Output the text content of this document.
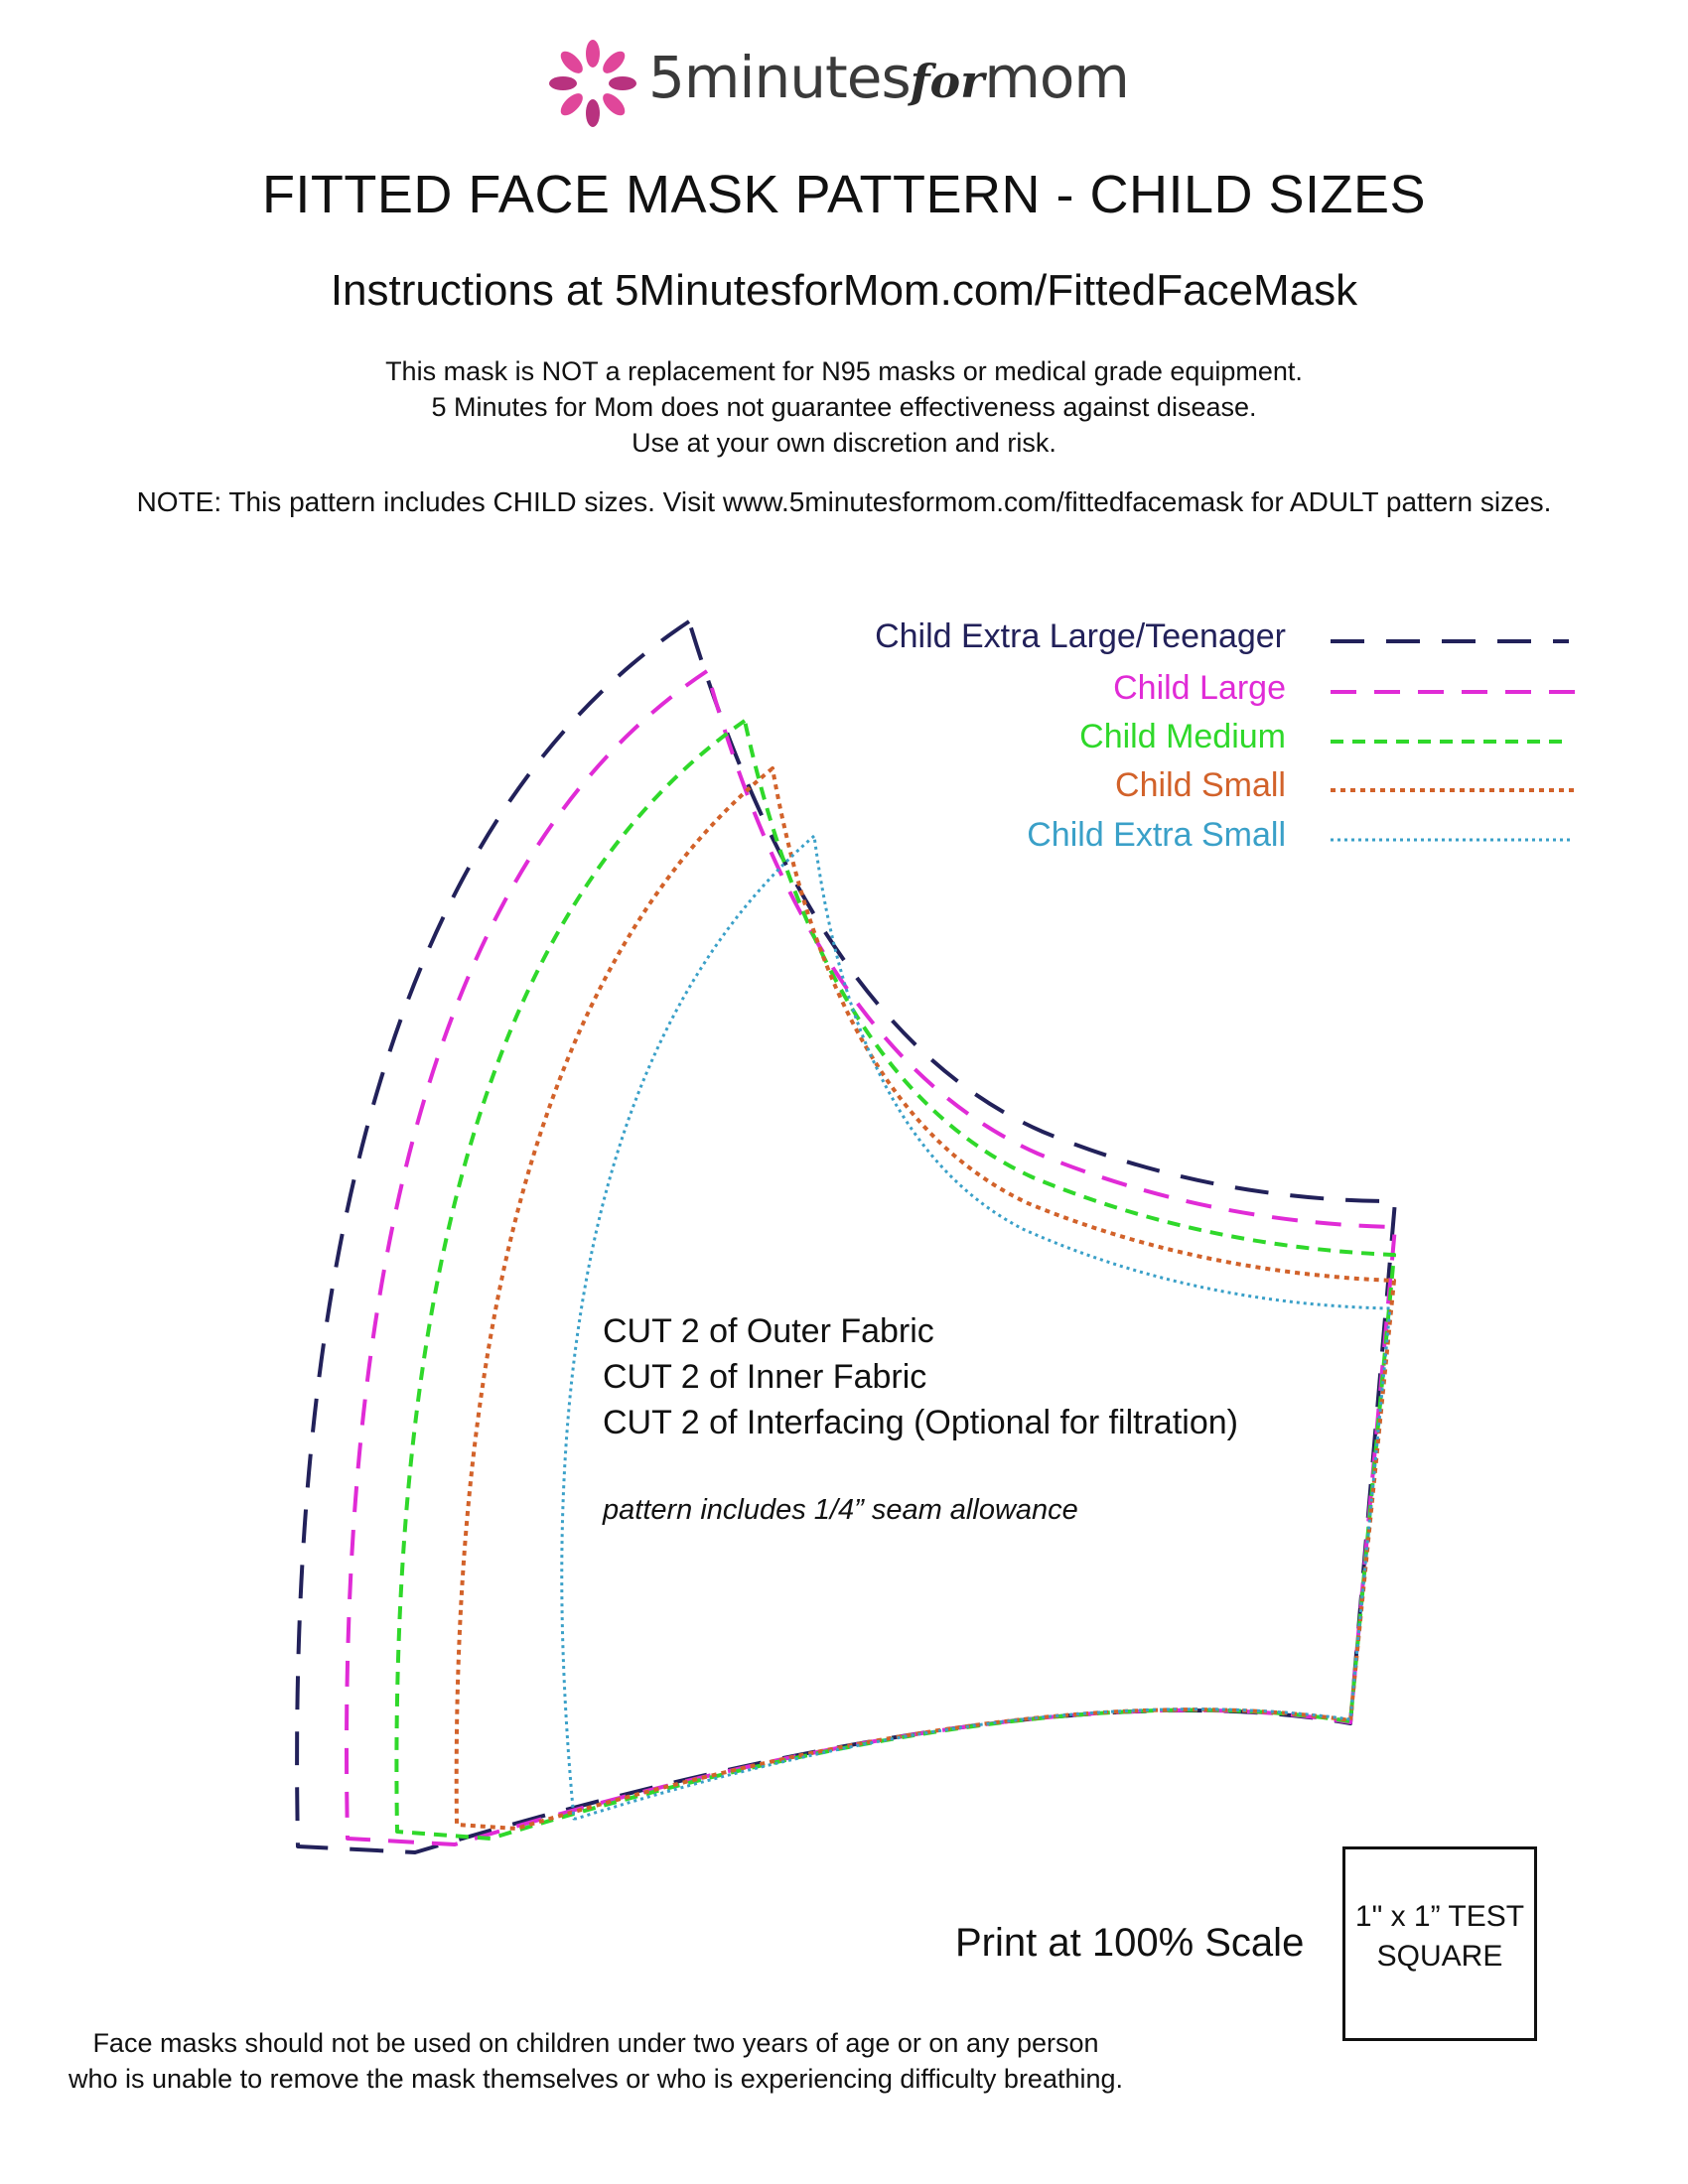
5minutesformom
FITTED FACE MASK PATTERN - CHILD SIZES
Instructions at 5MinutesforMom.com/FittedFaceMask
This mask is NOT a replacement for N95 masks or medical grade equipment.
5 Minutes for Mom does not guarantee effectiveness against disease.
Use at your own discretion and risk.
NOTE: This pattern includes CHILD sizes. Visit www.5minutesformom.com/fittedfacemask for ADULT pattern sizes.
Child Extra Large/Teenager
Child Large
Child Medium
Child Small
Child Extra Small
CUT 2 of Outer Fabric
CUT 2 of Inner Fabric
CUT 2 of Interfacing (Optional for filtration)
pattern includes 1/4” seam allowance
Print at 100% Scale
1" x 1” TEST
SQUARE
Face masks should not be used on children under two years of age or on any person
who is unable to remove the mask themselves or who is experiencing difficulty breathing.
